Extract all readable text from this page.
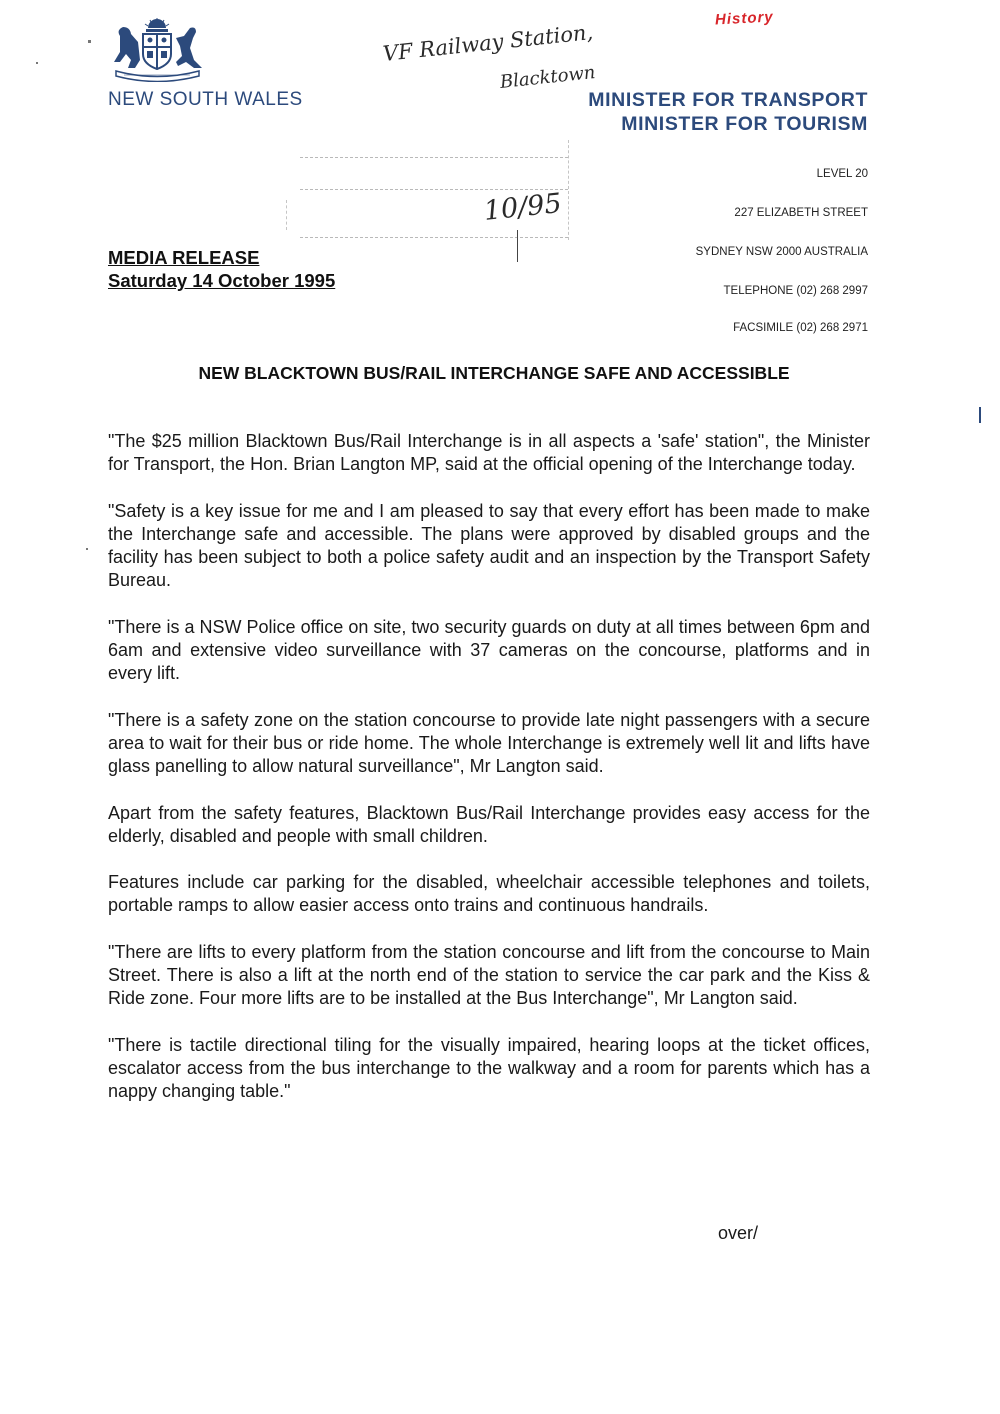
NEW SOUTH WALES	MINISTER FOR TRANSPORT
MINISTER FOR TOURISM
LEVEL 20
227 ELIZABETH STREET
SYDNEY NSW 2000 AUSTRALIA
TELEPHONE (02) 268 2997
FACSIMILE (02) 268 2971
History
VF Railway Station,
Blacktown
10/95
MEDIA RELEASE
Saturday 14 October 1995
NEW BLACKTOWN BUS/RAIL INTERCHANGE SAFE AND ACCESSIBLE

"The $25 million Blacktown Bus/Rail Interchange is in all aspects a 'safe' station", the Minister for Transport, the Hon. Brian Langton MP, said at the official opening of the Interchange today.

"Safety is a key issue for me and I am pleased to say that every effort has been made to make the Interchange safe and accessible. The plans were approved by disabled groups and the facility has been subject to both a police safety audit and an inspection by the Transport Safety Bureau.

"There is a NSW Police office on site, two security guards on duty at all times between 6pm and 6am and extensive video surveillance with 37 cameras on the concourse, platforms and in every lift.

"There is a safety zone on the station concourse to provide late night passengers with a secure area to wait for their bus or ride home. The whole Interchange is extremely well lit and lifts have glass panelling to allow natural surveillance", Mr Langton said.

Apart from the safety features, Blacktown Bus/Rail Interchange provides easy access for the elderly, disabled and people with small children.

Features include car parking for the disabled, wheelchair accessible telephones and toilets, portable ramps to allow easier access onto trains and continuous handrails.

"There are lifts to every platform from the station concourse and lift from the concourse to Main Street. There is also a lift at the north end of the station to service the car park and the Kiss & Ride zone. Four more lifts are to be installed at the Bus Interchange", Mr Langton said.

"There is tactile directional tiling for the visually impaired, hearing loops at the ticket offices, escalator access from the bus interchange to the walkway and a room for parents which has a nappy changing table."

over/
